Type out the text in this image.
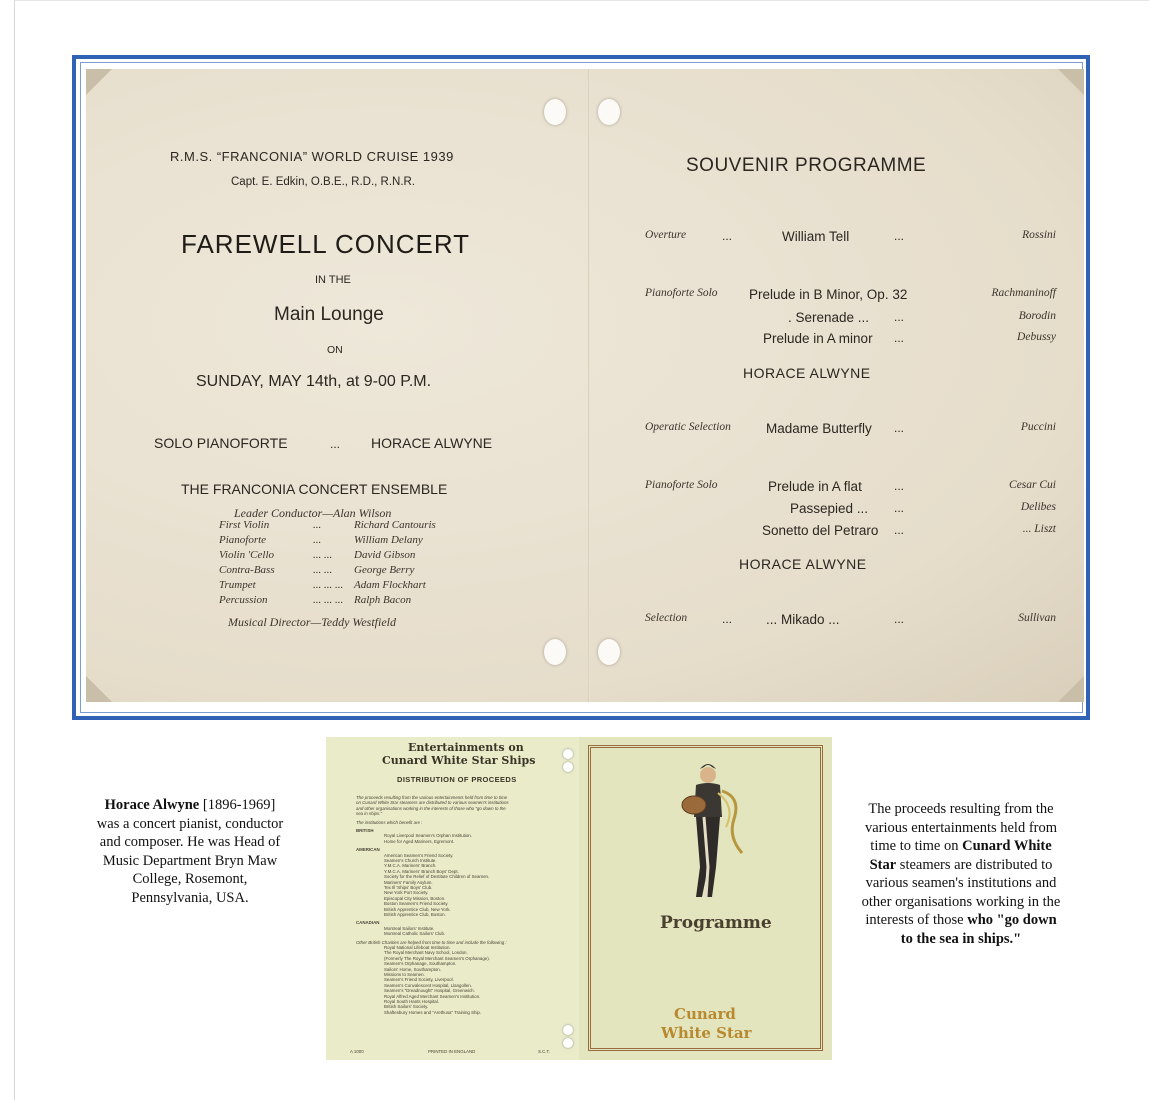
R.M.S. “FRANCONIA” WORLD CRUISE 1939
Capt. E. Edkin, O.B.E., R.D., R.N.R.
FAREWELL CONCERT
IN THE
Main Lounge
ON
SUNDAY, MAY 14th, at 9-00 P.M.
SOLO PIANOFORTE	... HORACE ALWYNE
THE FRANCONIA CONCERT ENSEMBLE
Leader Conductor—Alan Wilson
First Violin	...	Richard Cantouris
Pianoforte	...	William Delany
Violin 'Cello	... ... David Gibson
Contra-Bass	... ... George Berry
Trumpet	... ... ... Adam Flockhart
Percussion	... ... ... Ralph Bacon
Musical Director—Teddy Westfield
SOUVENIR PROGRAMME
Overture	...	William Tell	...	Rossini
Pianoforte Solo Prelude in B Minor, Op. 32	Rachmaninoff
. Serenade ... ...	Borodin
Prelude in A minor ...	Debussy
Operatic Selection	Madame Butterfly ...	Puccini
Pianoforte Solo	Prelude in A flat	...	Cesar Cui
Passepied ... ...	Delibes
Sonetto del Petraro ...	... Liszt
Selection	...	... Mikado ...	...	Sullivan
HORACE ALWYNE
HORACE ALWYNE
Horace Alwyne [1896-1969]
was a concert pianist, conductor
and composer. He was Head of
Music Department Bryn Maw
College, Rosemont,
Pennsylvania, USA.
The proceeds resulting from the
various entertainments held from
time to time on Cunard White
Star steamers are distributed to
various seamen's institutions and
other organisations working in the
interests of those who "go down
to the sea in ships."
Entertainments on
Cunard White Star Ships
DISTRIBUTION OF PROCEEDS
The proceeds resulting from the various entertainments held from time to time
on Cunard White Star steamers are distributed to various seamen's institutions
and other organisations working in the interests of those who "go down to the
sea in ships."
The institutions which benefit are :
BRITISH
Royal Liverpool Seamen's Orphan Institution.
Home for Aged Mariners, Egremont.
AMERICAN
American Seamen's Friend Society.
Seamen's Church Institute.
Y.M.C.A. Mariners' Branch.
Y.M.C.A. Mariners' Branch Boys' Dept.
Society for the Relief of Destitute Children of Seamen.
Mariners' Family Asylum.
Tex Ill 'Ships' Boys' Club.
New York Port Society.
Episcopal City Mission, Boston.
Boston Seamen's Friend Society.
British Apprentice Club, New York.
British Apprentice Club, Boston.
CANADIAN
Montreal Sailors' Institute.
Montreal Catholic Sailors' Club.
Other British Charities are helped from time to time and include the following :
Royal National Lifeboat Institution.
The Royal Merchant Navy School, London.
(Formerly The Royal Merchant Seamen's Orphanage).
Seamen's Orphanage, Southampton.
Sailors' Home, Southampton.
Missions to Seamen.
Seamen's Friend Society, Liverpool.
Seamen's Convalescent Hospital, Llangollen.
Seamen's "Dreadnought" Hospital, Greenwich.
Royal Alfred Aged Merchant Seamen's Institution.
Royal South Hants Hospital.
British Sailors' Society.
Shaftesbury Homes and "Arethusa" Training Ship.
A 1000	PRINTED IN ENGLAND	S.C.T.
Programme
Cunard
White Star
